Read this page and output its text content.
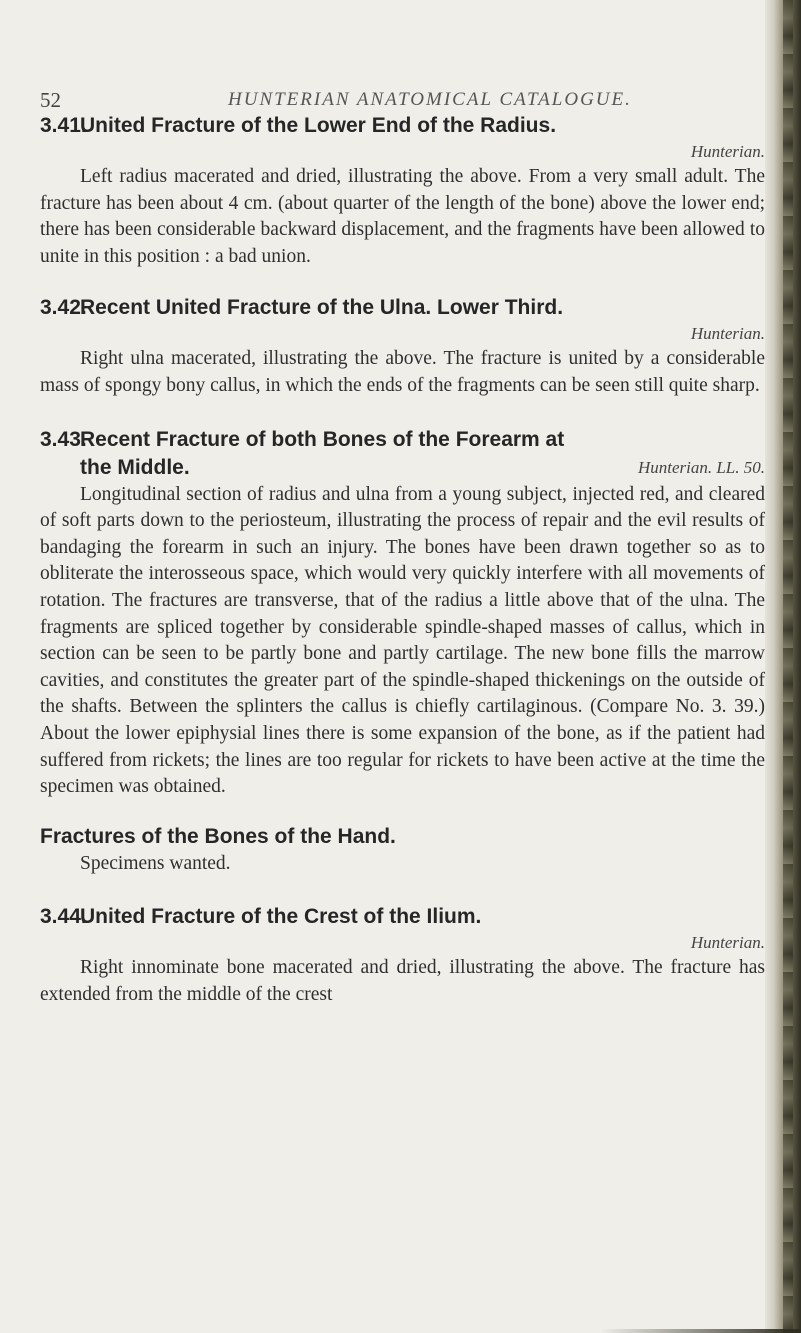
52	HUNTERIAN ANATOMICAL CATALOGUE.

3.41.United Fracture of the Lower End of the Radius.

Hunterian.

Left radius macerated and dried, illustrating the above. From a very small adult. The fracture has been about 4 cm. (about quarter of the length of the bone) above the lower end; there has been considerable backward displacement, and the fragments have been allowed to unite in this position : a bad union.

3.42.Recent United Fracture of the Ulna. Lower Third.

Hunterian.

Right ulna macerated, illustrating the above. The fracture is united by a considerable mass of spongy bony callus, in which the ends of the fragments can be seen still quite sharp.

3.43.Recent Fracture of both Bones of the Forearm at

the Middle.	Hunterian. LL. 50.

Longitudinal section of radius and ulna from a young subject, injected red, and cleared of soft parts down to the periosteum, illustrating the process of repair and the evil results of bandaging the forearm in such an injury. The bones have been drawn together so as to obliterate the interosseous space, which would very quickly interfere with all movements of rotation. The fractures are transverse, that of the radius a little above that of the ulna. The fragments are spliced together by considerable spindle-shaped masses of callus, which in section can be seen to be partly bone and partly cartilage. The new bone fills the marrow cavities, and constitutes the greater part of the spindle-shaped thickenings on the outside of the shafts. Between the splinters the callus is chiefly cartilaginous. (Compare No. 3. 39.) About the lower epiphysial lines there is some expansion of the bone, as if the patient had suffered from rickets; the lines are too regular for rickets to have been active at the time the specimen was obtained.

Fractures of the Bones of the Hand.

Specimens wanted.

3.44.United Fracture of the Crest of the Ilium.

Hunterian.

Right innominate bone macerated and dried, illustrating the above. The fracture has extended from the middle of the crest
